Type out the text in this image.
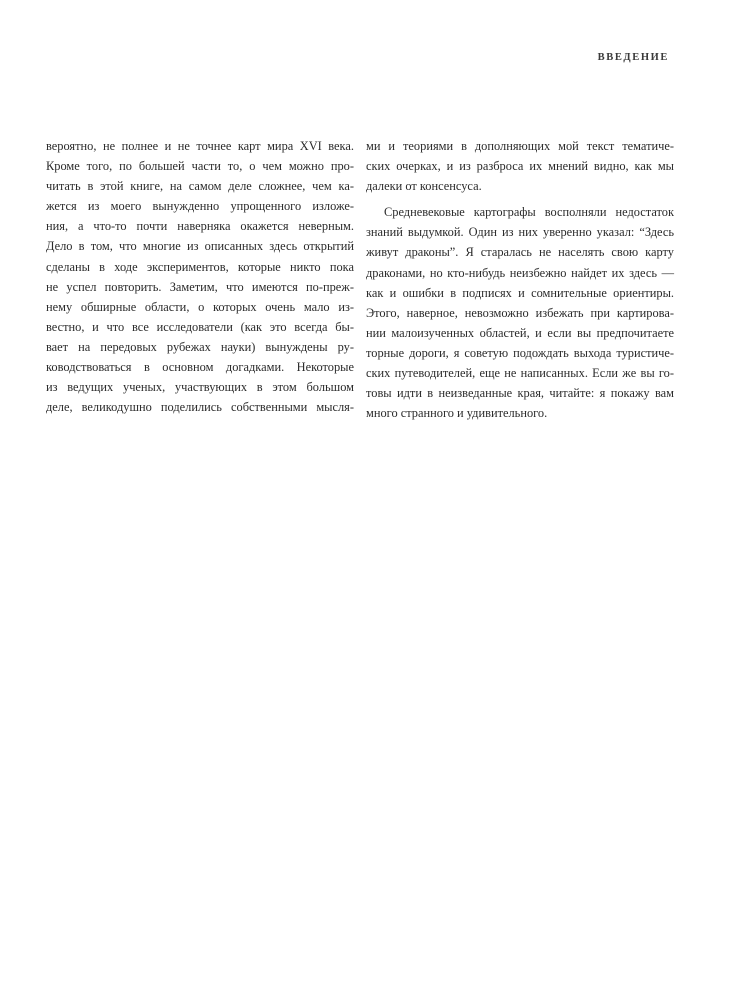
ВВЕДЕНИЕ
вероятно, не полнее и не точнее карт мира XVI века.
Кроме того, по большей части то, о чем можно про-
читать в этой книге, на самом деле сложнее, чем ка-
жется из моего вынужденно упрощенного изложе-
ния, а что-то почти наверняка окажется неверным.
Дело в том, что многие из описанных здесь открытий
сделаны в ходе экспериментов, которые никто пока
не успел повторить. Заметим, что имеются по-преж-
нему обширные области, о которых очень мало из-
вестно, и что все исследователи (как это всегда бы-
вает на передовых рубежах науки) вынуждены ру-
ководствоваться в основном догадками. Некоторые
из ведущих ученых, участвующих в этом большом
деле, великодушно поделились собственными мысля-
ми и теориями в дополняющих мой текст тематиче-
ских очерках, и из разброса их мнений видно, как мы
далеки от консенсуса.
Средневековые картографы восполняли недостаток
знаний выдумкой. Один из них уверенно указал: “Здесь
живут драконы”. Я старалась не населять свою карту
драконами, но кто-нибудь неизбежно найдет их здесь —
как и ошибки в подписях и сомнительные ориентиры.
Этого, наверное, невозможно избежать при картирова-
нии малоизученных областей, и если вы предпочитаете
торные дороги, я советую подождать выхода туристиче-
ских путеводителей, еще не написанных. Если же вы го-
товы идти в неизведанные края, читайте: я покажу вам
много странного и удивительного.
